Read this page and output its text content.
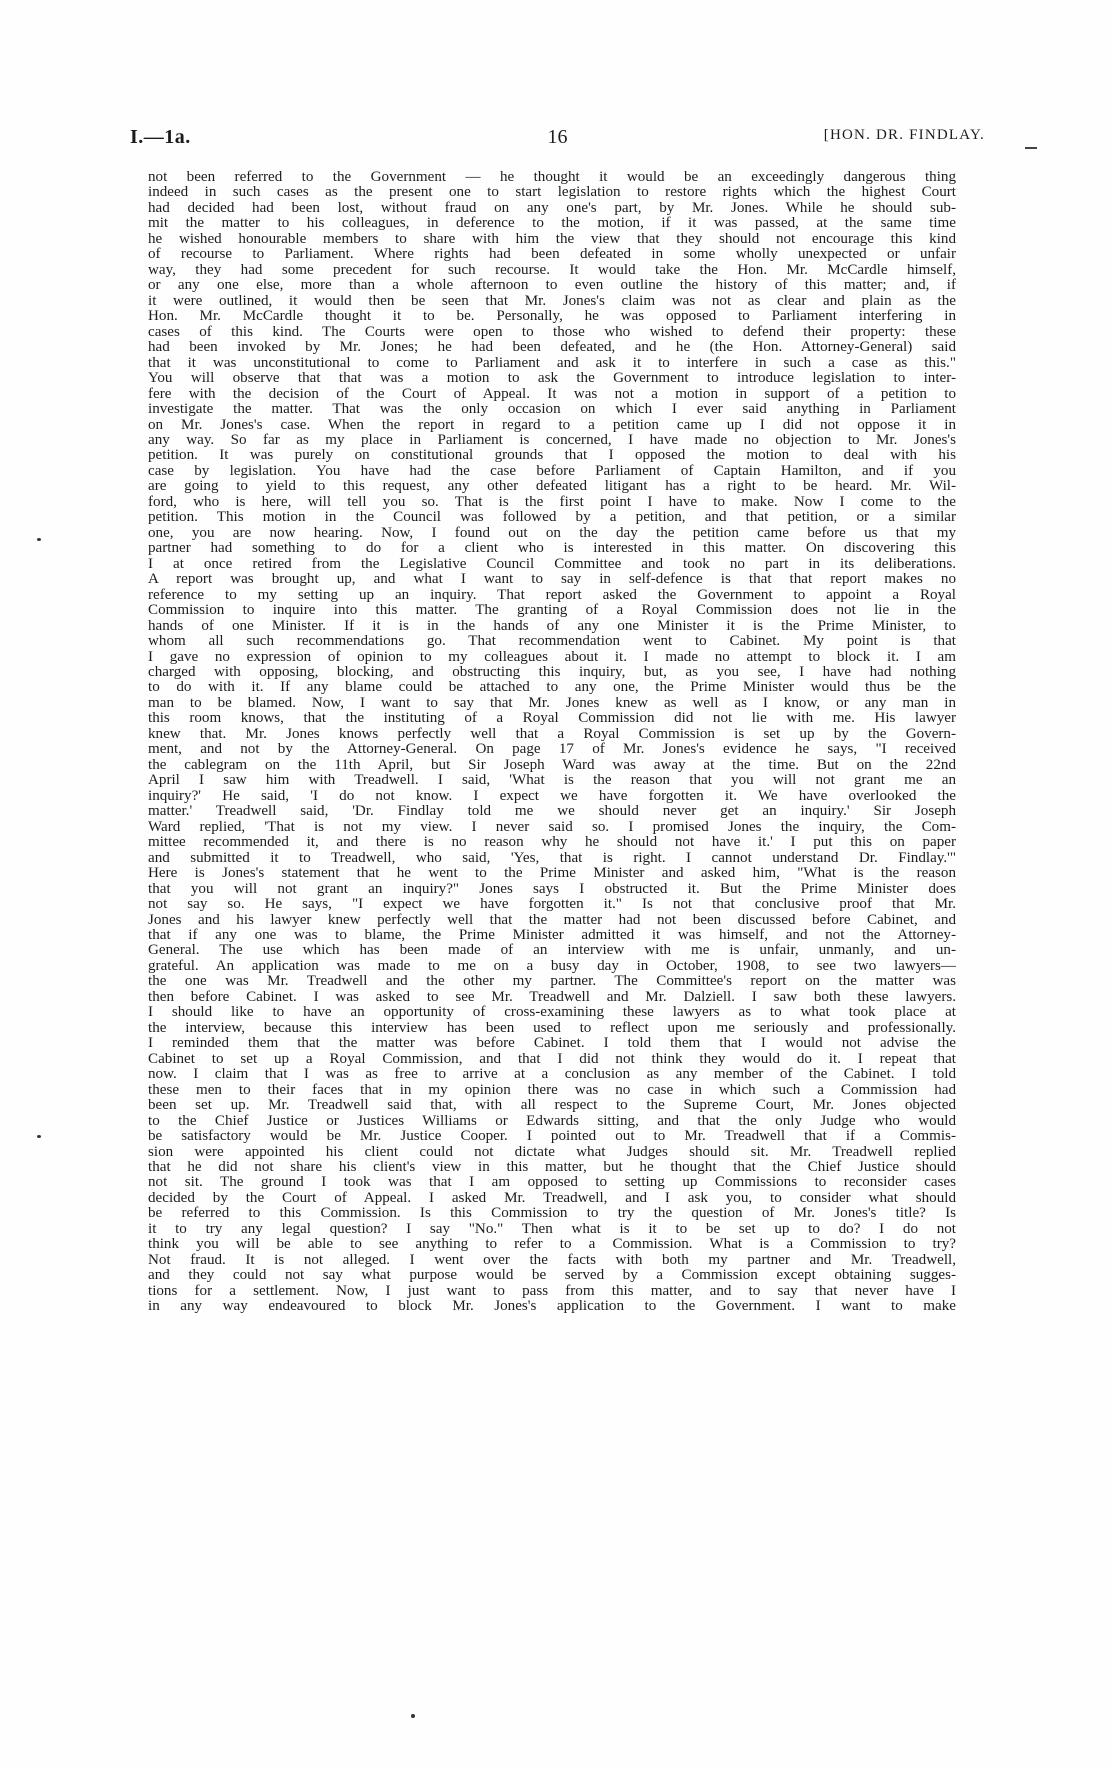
I.—1a.	16	[HON. DR. FINDLAY.
not been referred to the Government — he thought it would be an exceedingly dangerous thing
indeed in such cases as the present one to start legislation to restore rights which the highest Court
had decided had been lost, without fraud on any one's part, by Mr. Jones. While he should sub-
mit the matter to his colleagues, in deference to the motion, if it was passed, at the same time
he wished honourable members to share with him the view that they should not encourage this kind
of recourse to Parliament. Where rights had been defeated in some wholly unexpected or unfair
way, they had some precedent for such recourse. It would take the Hon. Mr. McCardle himself,
or any one else, more than a whole afternoon to even outline the history of this matter; and, if
it were outlined, it would then be seen that Mr. Jones's claim was not as clear and plain as the
Hon. Mr. McCardle thought it to be. Personally, he was opposed to Parliament interfering in
cases of this kind. The Courts were open to those who wished to defend their property: these
had been invoked by Mr. Jones; he had been defeated, and he (the Hon. Attorney-General) said
that it was unconstitutional to come to Parliament and ask it to interfere in such a case as this."
You will observe that that was a motion to ask the Government to introduce legislation to inter-
fere with the decision of the Court of Appeal. It was not a motion in support of a petition to
investigate the matter. That was the only occasion on which I ever said anything in Parliament
on Mr. Jones's case. When the report in regard to a petition came up I did not oppose it in
any way. So far as my place in Parliament is concerned, I have made no objection to Mr. Jones's
petition. It was purely on constitutional grounds that I opposed the motion to deal with his
case by legislation. You have had the case before Parliament of Captain Hamilton, and if you
are going to yield to this request, any other defeated litigant has a right to be heard. Mr. Wil-
ford, who is here, will tell you so. That is the first point I have to make. Now I come to the
petition. This motion in the Council was followed by a petition, and that petition, or a similar
one, you are now hearing. Now, I found out on the day the petition came before us that my
partner had something to do for a client who is interested in this matter. On discovering this
I at once retired from the Legislative Council Committee and took no part in its deliberations.
A report was brought up, and what I want to say in self-defence is that that report makes no
reference to my setting up an inquiry. That report asked the Government to appoint a Royal
Commission to inquire into this matter. The granting of a Royal Commission does not lie in the
hands of one Minister. If it is in the hands of any one Minister it is the Prime Minister, to
whom all such recommendations go. That recommendation went to Cabinet. My point is that
I gave no expression of opinion to my colleagues about it. I made no attempt to block it. I am
charged with opposing, blocking, and obstructing this inquiry, but, as you see, I have had nothing
to do with it. If any blame could be attached to any one, the Prime Minister would thus be the
man to be blamed. Now, I want to say that Mr. Jones knew as well as I know, or any man in
this room knows, that the instituting of a Royal Commission did not lie with me. His lawyer
knew that. Mr. Jones knows perfectly well that a Royal Commission is set up by the Govern-
ment, and not by the Attorney-General. On page 17 of Mr. Jones's evidence he says, "I received
the cablegram on the 11th April, but Sir Joseph Ward was away at the time. But on the 22nd
April I saw him with Treadwell. I said, 'What is the reason that you will not grant me an
inquiry?' He said, 'I do not know. I expect we have forgotten it. We have overlooked the
matter.' Treadwell said, 'Dr. Findlay told me we should never get an inquiry.' Sir Joseph
Ward replied, 'That is not my view. I never said so. I promised Jones the inquiry, the Com-
mittee recommended it, and there is no reason why he should not have it.' I put this on paper
and submitted it to Treadwell, who said, 'Yes, that is right. I cannot understand Dr. Findlay.'"
Here is Jones's statement that he went to the Prime Minister and asked him, "What is the reason
that you will not grant an inquiry?" Jones says I obstructed it. But the Prime Minister does
not say so. He says, "I expect we have forgotten it." Is not that conclusive proof that Mr.
Jones and his lawyer knew perfectly well that the matter had not been discussed before Cabinet, and
that if any one was to blame, the Prime Minister admitted it was himself, and not the Attorney-
General. The use which has been made of an interview with me is unfair, unmanly, and un-
grateful. An application was made to me on a busy day in October, 1908, to see two lawyers—
the one was Mr. Treadwell and the other my partner. The Committee's report on the matter was
then before Cabinet. I was asked to see Mr. Treadwell and Mr. Dalziell. I saw both these lawyers.
I should like to have an opportunity of cross-examining these lawyers as to what took place at
the interview, because this interview has been used to reflect upon me seriously and professionally.
I reminded them that the matter was before Cabinet. I told them that I would not advise the
Cabinet to set up a Royal Commission, and that I did not think they would do it. I repeat that
now. I claim that I was as free to arrive at a conclusion as any member of the Cabinet. I told
these men to their faces that in my opinion there was no case in which such a Commission had
been set up. Mr. Treadwell said that, with all respect to the Supreme Court, Mr. Jones objected
to the Chief Justice or Justices Williams or Edwards sitting, and that the only Judge who would
be satisfactory would be Mr. Justice Cooper. I pointed out to Mr. Treadwell that if a Commis-
sion were appointed his client could not dictate what Judges should sit. Mr. Treadwell replied
that he did not share his client's view in this matter, but he thought that the Chief Justice should
not sit. The ground I took was that I am opposed to setting up Commissions to reconsider cases
decided by the Court of Appeal. I asked Mr. Treadwell, and I ask you, to consider what should
be referred to this Commission. Is this Commission to try the question of Mr. Jones's title? Is
it to try any legal question? I say "No." Then what is it to be set up to do? I do not
think you will be able to see anything to refer to a Commission. What is a Commission to try?
Not fraud. It is not alleged. I went over the facts with both my partner and Mr. Treadwell,
and they could not say what purpose would be served by a Commission except obtaining sugges-
tions for a settlement. Now, I just want to pass from this matter, and to say that never have I
in any way endeavoured to block Mr. Jones's application to the Government. I want to make
